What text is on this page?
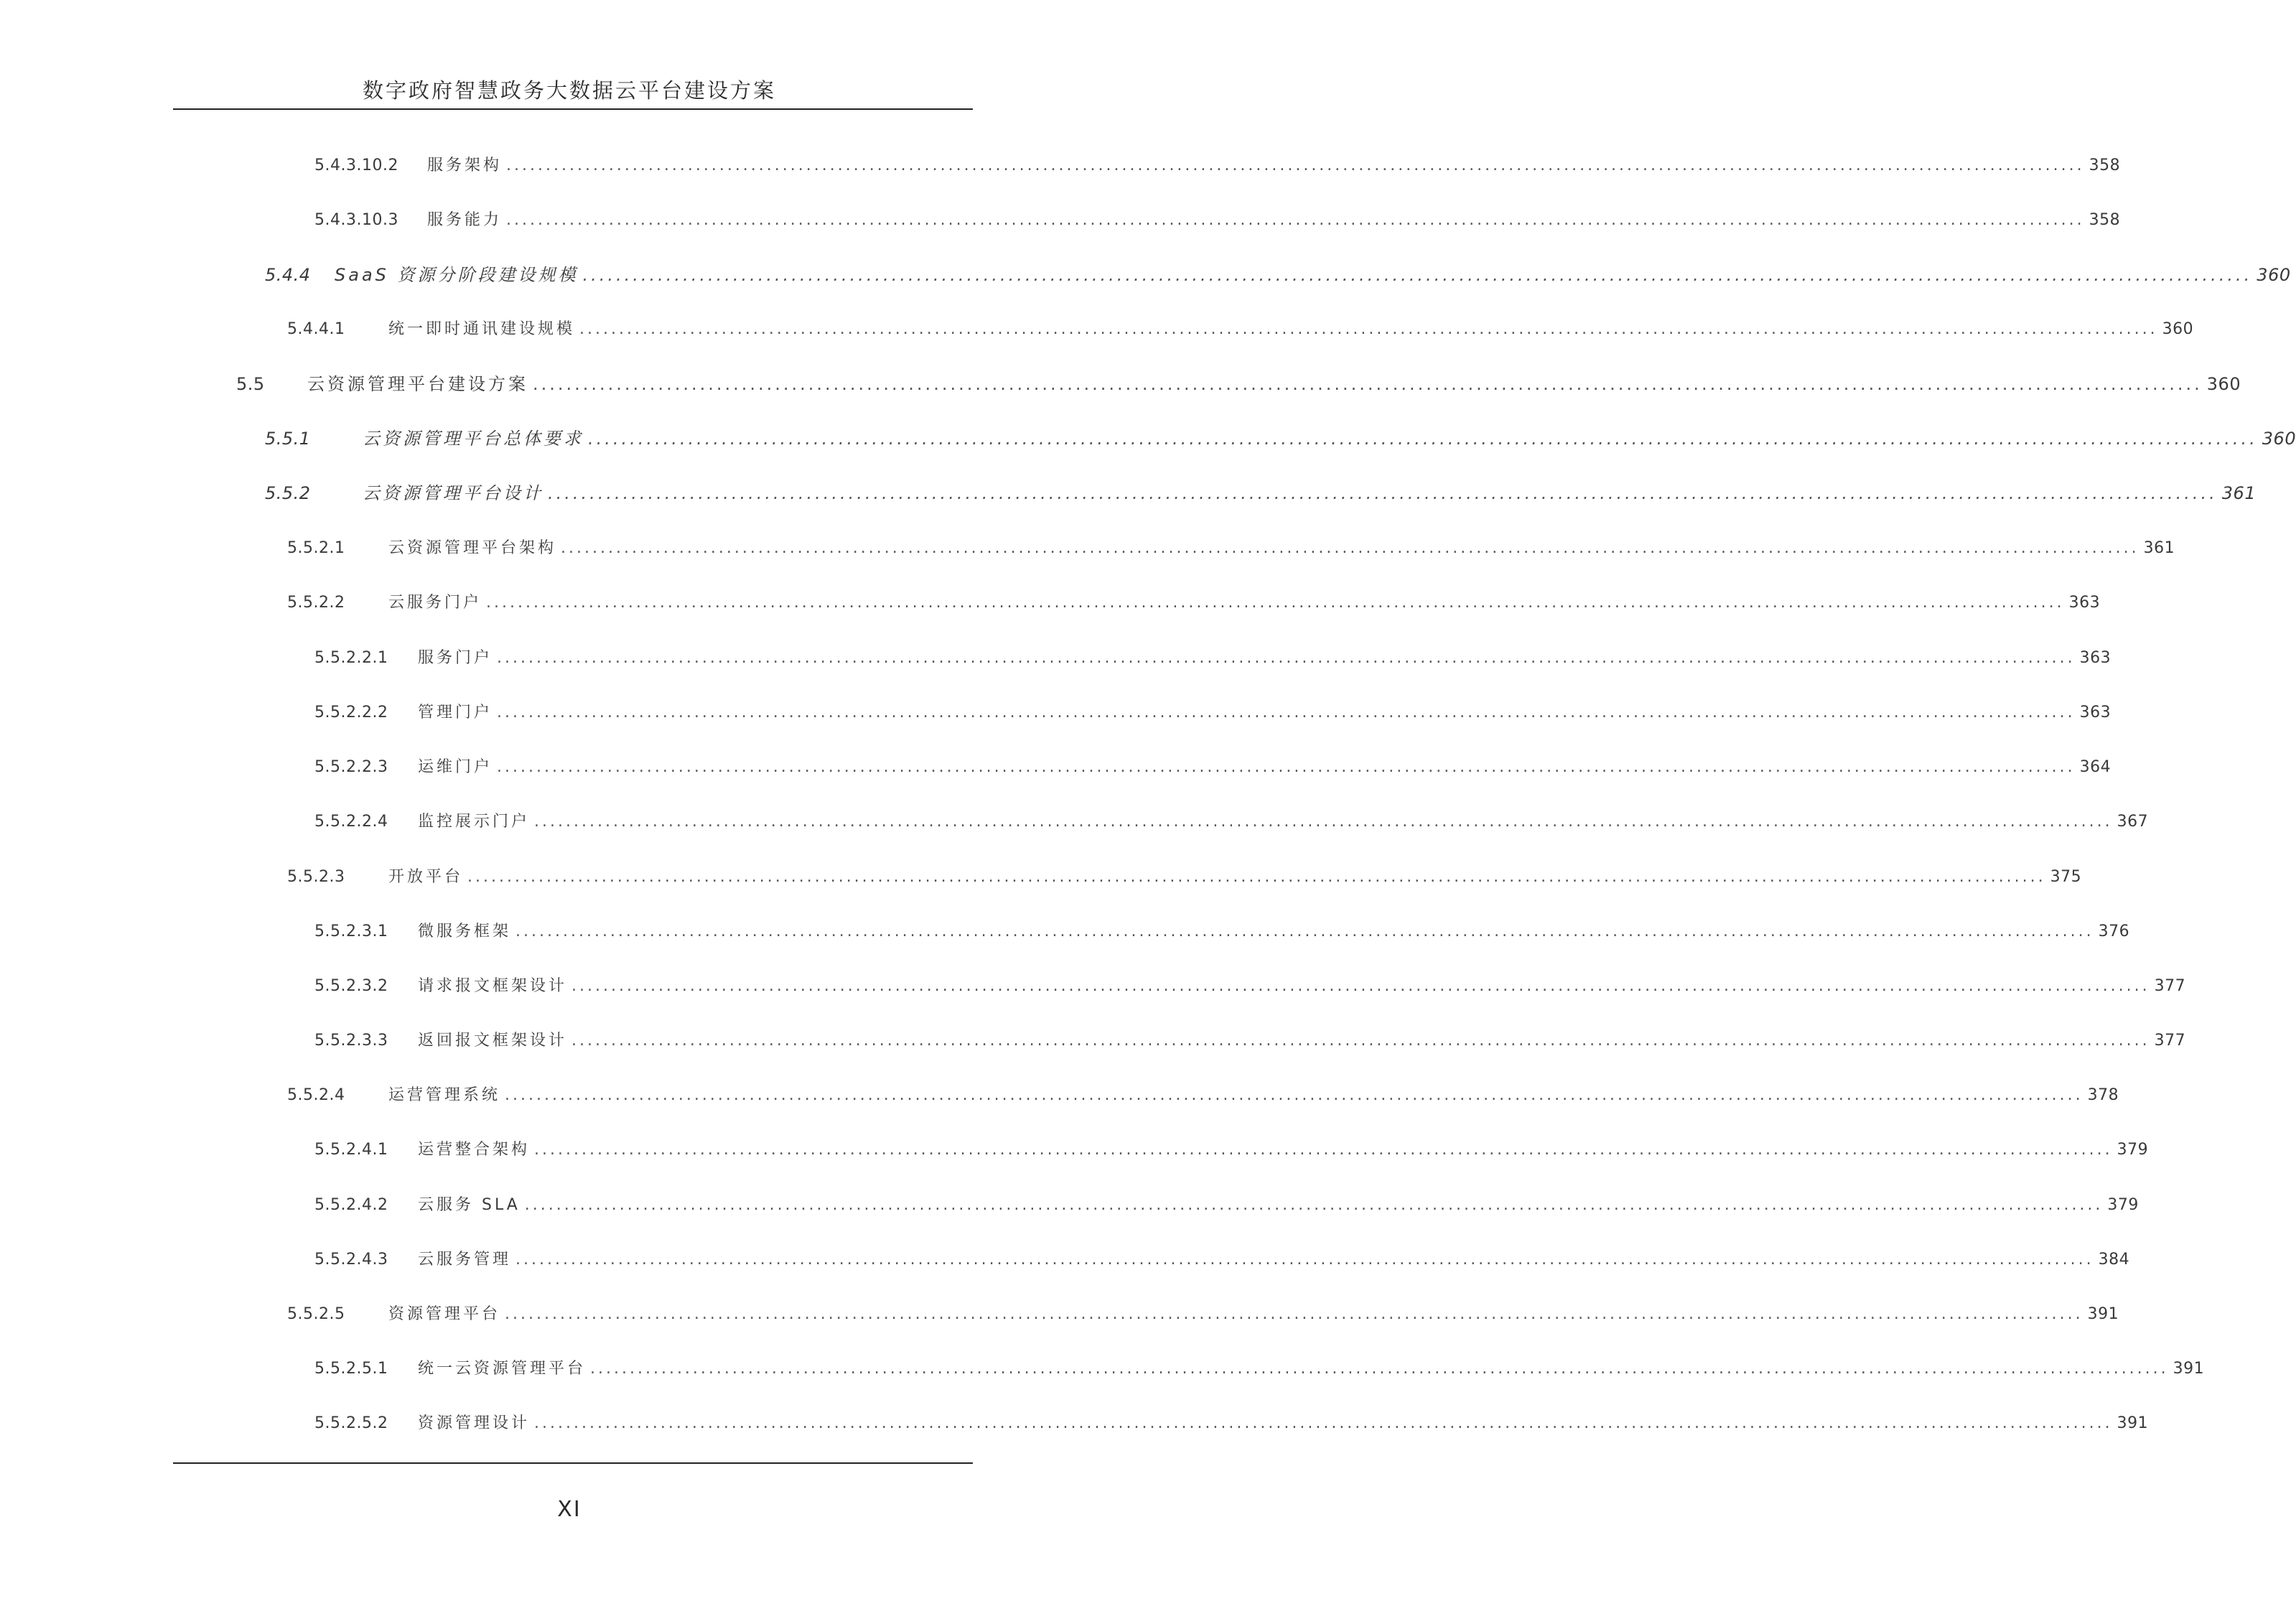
数字政府智慧政务大数据云平台建设方案
5.4.3.10.2	服务架构 ........................................................................................................................................................................................................ 358
5.4.3.10.3	服务能力 ........................................................................................................................................................................................................ 358
5.4.4	SaaS 资源分阶段建设规模 ........................................................................................................................................................................................................ 360
5.4.4.1	统一即时通讯建设规模 ........................................................................................................................................................................................................ 360
5.5	云资源管理平台建设方案 ........................................................................................................................................................................................................ 360
5.5.1	云资源管理平台总体要求 ........................................................................................................................................................................................................ 360
5.5.2	云资源管理平台设计 ........................................................................................................................................................................................................ 361
5.5.2.1	云资源管理平台架构 ........................................................................................................................................................................................................ 361
5.5.2.2	云服务门户 ........................................................................................................................................................................................................ 363
5.5.2.2.1	服务门户 ........................................................................................................................................................................................................ 363
5.5.2.2.2	管理门户 ........................................................................................................................................................................................................ 363
5.5.2.2.3	运维门户 ........................................................................................................................................................................................................ 364
5.5.2.2.4	监控展示门户 ........................................................................................................................................................................................................ 367
5.5.2.3	开放平台 ........................................................................................................................................................................................................ 375
5.5.2.3.1	微服务框架 ........................................................................................................................................................................................................ 376
5.5.2.3.2	请求报文框架设计 ........................................................................................................................................................................................................ 377
5.5.2.3.3	返回报文框架设计 ........................................................................................................................................................................................................ 377
5.5.2.4	运营管理系统 ........................................................................................................................................................................................................ 378
5.5.2.4.1	运营整合架构 ........................................................................................................................................................................................................ 379
5.5.2.4.2	云服务 SLA ........................................................................................................................................................................................................ 379
5.5.2.4.3	云服务管理 ........................................................................................................................................................................................................ 384
5.5.2.5	资源管理平台 ........................................................................................................................................................................................................ 391
5.5.2.5.1	统一云资源管理平台 ........................................................................................................................................................................................................ 391
5.5.2.5.2	资源管理设计 ........................................................................................................................................................................................................ 391
XI
